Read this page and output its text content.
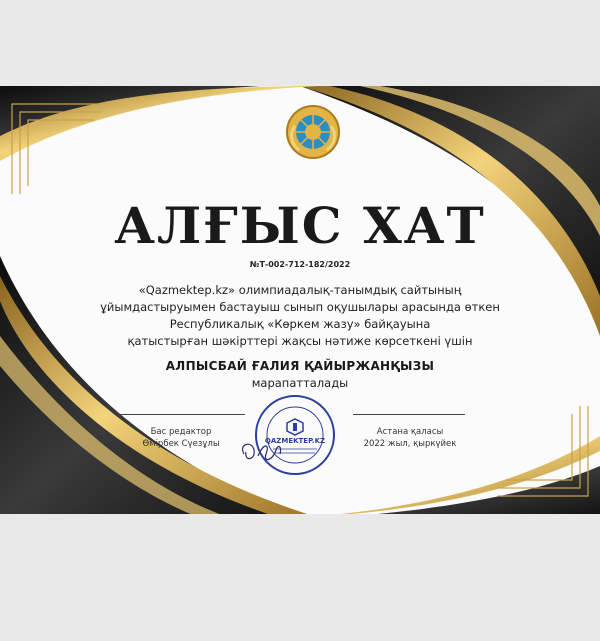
АЛҒЫС ХАТ
№Т-002-712-182/2022
«Qazmektep.kz» олимпиадалық-танымдық сайтының
ұйымдастыруымен бастауыш сынып оқушылары арасында өткен
Республикалық «Көркем жазу» байқауына
қатыстырған шәкірттері жақсы нәтиже көрсеткені үшін
АЛПЫСБАЙ ҒАЛИЯ ҚАЙЫРЖАНҚЫЗЫ
марапатталады
Бас редактор
Өмірбек Сүезұлы
Астана қаласы
2022 жыл, қыркүйек
QAZMEKTEP.KZ
